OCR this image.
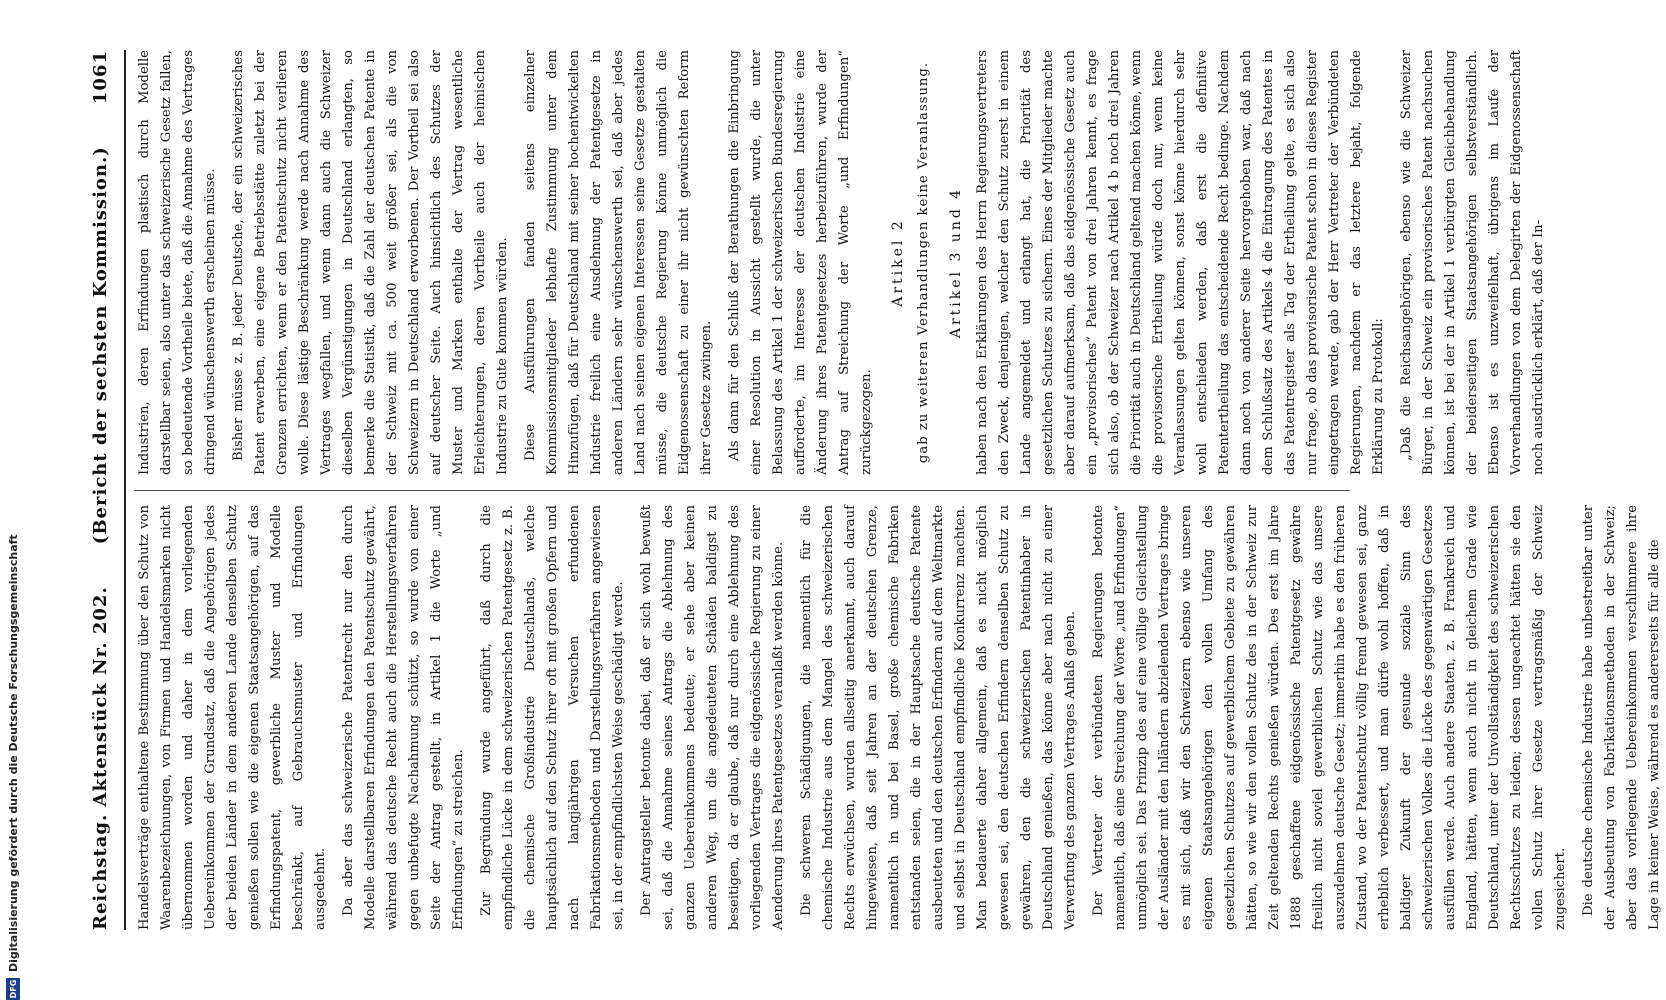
Reichstag. Aktenstück Nr. 202.
(Bericht der sechsten Kommission.)
1061

Handelsverträge enthaltene Bestimmung über den Schutz von Waarenbezeichnungen, von Firmen und Handelsmarken nicht übernommen worden und daher in dem vorliegenden Uebereinkommen der Grundsatz, daß die Angehörigen jedes der beiden Länder in dem anderen Lande denselben Schutz genießen sollen wie die eigenen Staatsangehörigen, auf das Erfindungspatent, gewerbliche Muster und Modelle beschränkt, auf Gebrauchsmuster und Erfindungen ausgedehnt. Da aber das schweizerische Patentrecht nur den durch Modelle darstellbaren Erfindungen den Patentschutz gewährt, während das deutsche Recht auch die Herstellungsverfahren gegen unbefugte Nachahmung schützt, so wurde von einer Seite der Antrag gestellt, in Artikel 1 die Worte „und Erfindungen“ zu streichen. Zur Begründung wurde angeführt, daß durch die empfindliche Lücke in dem schweizerischen Patentgesetz z. B. die chemische Großindustrie Deutschlands, welche hauptsächlich auf den Schutz ihrer oft mit großen Opfern und nach langjährigen Versuchen erfundenen Fabrikationsmethoden und Darstellungsverfahren angewiesen sei, in der empfindlichsten Weise geschädigt werde. Der Antragsteller betonte dabei, daß er sich wohl bewußt sei, daß die Annahme seines Antrags die Ablehnung des ganzen Uebereinkommens bedeute; er sehe aber keinen anderen Weg, um die angedeuteten Schäden baldigst zu beseitigen, da er glaube, daß nur durch eine Ablehnung des vorliegenden Vertrages die eidgenössische Regierung zu einer Aenderung ihres Patentgesetzes veranlaßt werden könne. Die schweren Schädigungen, die namentlich für die chemische Industrie aus dem Mangel des schweizerischen Rechts erwüchsen, wurden allseitig anerkannt, auch darauf hingewiesen, daß seit Jahren an der deutschen Grenze, namentlich in und bei Basel, große chemische Fabriken entstanden seien, die in der Hauptsache deutsche Patente ausbeuteten und den deutschen Erfindern auf dem Weltmarkte und selbst in Deutschland empfindliche Konkurrenz machten. Man bedauerte daher allgemein, daß es nicht möglich gewesen sei, den deutschen Erfindern denselben Schutz zu gewähren, den die schweizerischen Patentinhaber in Deutschland genießen, das könne aber nach nicht zu einer Verwerfung des ganzen Vertrages Anlaß geben. Der Vertreter der verbündeten Regierungen betonte namentlich, daß eine Streichung der Worte „und Erfindungen“ unmöglich sei. Das Prinzip des auf eine völlige Gleichstellung der Ausländer mit den Inländern abzielenden Vertrages bringe es mit sich, daß wir den Schweizern ebenso wie unseren eigenen Staatsangehörigen den vollen Umfang des gesetzlichen Schutzes auf gewerblichem Gebiete zu gewähren hätten, so wie wir den vollen Schutz des in der Schweiz zur Zeit geltenden Rechts genießen würden. Des erst im Jahre 1888 geschaffene eidgenössische Patentgesetz gewähre freilich nicht soviel gewerblichen Schutz wie das unsere auszudehnen deutsche Gesetz; immerhin habe es den früheren Zustand, wo der Patentschutz völlig fremd gewesen sei, ganz erheblich verbessert, und man dürfe wohl hoffen, daß in baldiger Zukunft der gesunde soziale Sinn des schweizerischen Volkes die Lücke des gegenwärtigen Gesetzes ausfüllen werde. Auch andere Staaten, z. B. Frankreich und England, hätten, wenn auch nicht in gleichem Grade wie Deutschland, unter der Unvollständigkeit des schweizerischen Rechtsschutzes zu leiden; dessen ungeachtet hätten sie den vollen Schutz ihrer Gesetze vertragsmäßig der Schweiz zugesichert. Die deutsche chemische Industrie habe unbestreitbar unter der Ausbeutung von Fabrikationsmethoden in der Schweiz; aber das vorliegende Uebereinkommen verschlimmere ihre Lage in keiner Weise, während es andererseits für alle die

Industrien, deren Erfindungen plastisch durch Modelle darstellbar seien, also unter das schweizerische Gesetz fallen, so bedeutende Vortheile biete, daß die Annahme des Vertrages dringend wünschenswerth erscheinen müsse. Bisher müsse z. B. jeder Deutsche, der ein schweizerisches Patent erwerben, eine eigene Betriebsstätte zuletzt bei der Grenzen errichten, wenn er den Patentschutz nicht verlieren wolle. Diese lästige Beschränkung werde nach Annahme des Vertrages wegfallen, und wenn dann auch die Schweizer dieselben Vergünstigungen in Deutschland erlangten, so bemerke die Statistik, daß die Zahl der deutschen Patente in der Schweiz mit ca. 500 weit größer sei, als die von Schweizern in Deutschland erworbenen. Der Vortheil sei also auf deutscher Seite. Auch hinsichtlich des Schutzes der Muster und Marken enthalte der Vertrag wesentliche Erleichterungen, deren Vortheile auch der heimischen Industrie zu Gute kommen würden. Diese Ausführungen fanden seitens einzelner Kommissionsmitglieder lebhafte Zustimmung unter dem Hinzufügen, daß für Deutschland mit seiner hochentwickelten Industrie freilich eine Ausdehnung der Patentgesetze in anderen Ländern sehr wünschenswerth sei, daß aber jedes Land nach seinen eigenen Interessen seine Gesetze gestalten müsse, die deutsche Regierung könne unmöglich die Eidgenossenschaft zu einer ihr nicht gewünschten Reform ihrer Gesetze zwingen. Als dann für den Schluß der Berathungen die Einbringung einer Resolution in Aussicht gestellt wurde, die unter Belassung des Artikel 1 der schweizerischen Bundesregierung aufforderte, im Interesse der deutschen Industrie eine Änderung ihres Patentgesetzes herbeizuführen, wurde der Antrag auf Streichung der Worte „und Erfindungen“ zurückgezogen.

Artikel 2 gab zu weiteren Verhandlungen keine Veranlassung. Artikel 3 und 4 haben nach den Erklärungen des Herrn Regierungsvertreters den Zweck, denjenigen, welcher den Schutz zuerst in einem Lande angemeldet und erlangt hat, die Priorität des gesetzlichen Schutzes zu sichern. Eines der Mitglieder machte aber darauf aufmerksam, daß das eidgenössische Gesetz auch ein „provisorisches“ Patent von drei Jahren kennt, es frage sich also, ob der Schweizer nach Artikel 4 b noch drei Jahren die Priorität auch in Deutschland geltend machen könne, wenn die provisorische Ertheilung würde doch nur, wenn keine Veranlassungen gelten können, sonst könne hierdurch sehr wohl entschieden werden, daß erst die definitive Patentertheilung das entscheidende Recht bedinge. Nachdem dann noch von anderer Seite hervorgehoben war, daß nach dem Schlußsatz des Artikels 4 die Eintragung des Patentes in das Patentregister als Tag der Ertheilung gelte, es sich also nur frage, ob das provisorische Patent schon in dieses Register eingetragen werde, gab der Herr Vertreter der Verbündeten Regierungen, nachdem er das letztere bejaht, folgende Erklärung zu Protokoll: „Daß die Reichsangehörigen, ebenso wie die Schweizer Bürger, in der Schweiz ein provisorisches Patent nachsuchen können, ist bei der in Artikel 1 verbürgten Gleichbehandlung der beiderseitigen Staatsangehörigen selbstverständlich. Ebenso ist es unzweifelhaft, übrigens im Laufe der Vorverhandlungen von dem Delegirten der Eidgenossenschaft noch ausdrücklich erklärt, daß der In-

DFG
Digitalisierung gefördert durch die Deutsche Forschungsgemeinschaft
